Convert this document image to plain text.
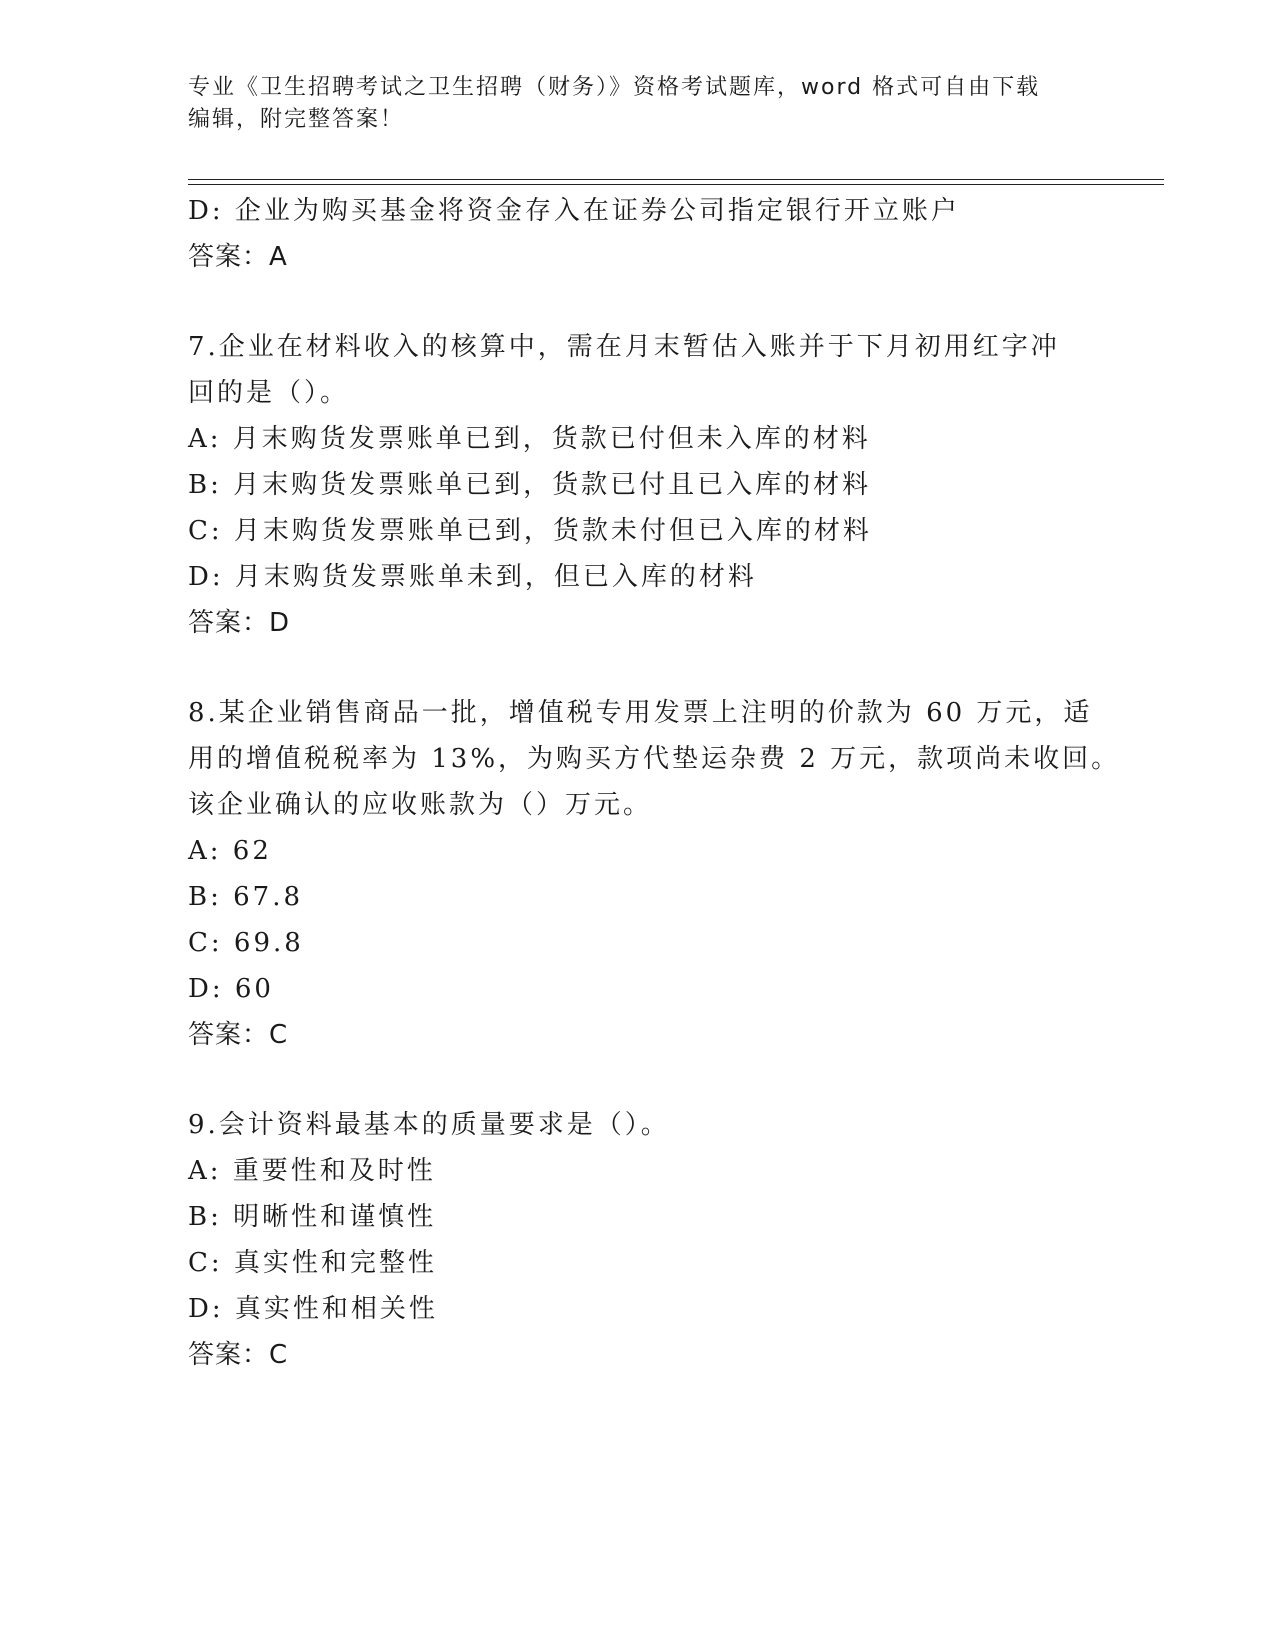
专业《卫生招聘考试之卫生招聘（财务）》资格考试题库，word 格式可自由下载
编辑，附完整答案！
D: 企业为购买基金将资金存入在证券公司指定银行开立账户
答案：A
7.企业在材料收入的核算中，需在月末暂估入账并于下月初用红字冲
回的是（）。
A: 月末购货发票账单已到，货款已付但未入库的材料
B: 月末购货发票账单已到，货款已付且已入库的材料
C: 月末购货发票账单已到，货款未付但已入库的材料
D: 月末购货发票账单未到，但已入库的材料
答案：D
8.某企业销售商品一批，增值税专用发票上注明的价款为 60 万元，适
用的增值税税率为 13%，为购买方代垫运杂费 2 万元，款项尚未收回。
该企业确认的应收账款为（）万元。
A: 62
B: 67.8
C: 69.8
D: 60
答案：C
9.会计资料最基本的质量要求是（）。
A: 重要性和及时性
B: 明晰性和谨慎性
C: 真实性和完整性
D: 真实性和相关性
答案：C
